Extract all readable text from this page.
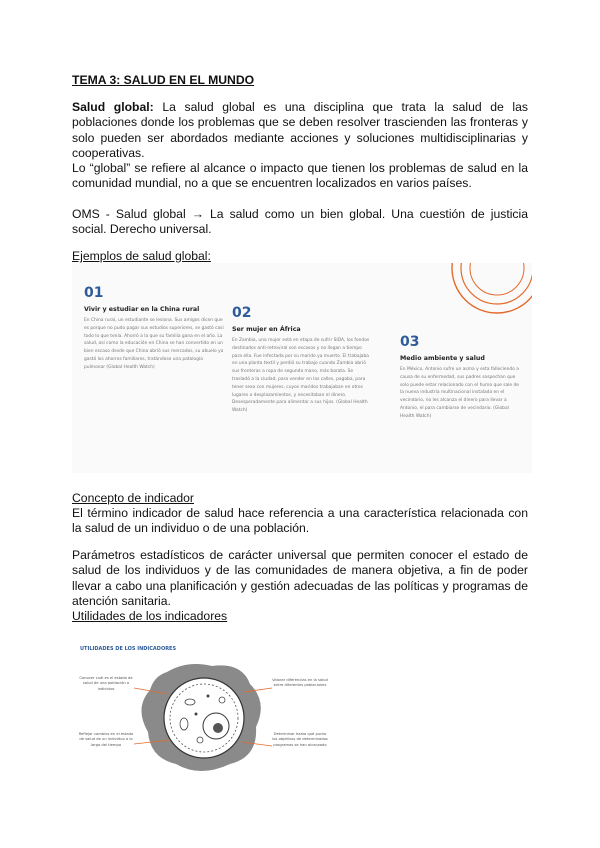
TEMA 3: SALUD EN EL MUNDO
Salud global: La salud global es una disciplina que trata la salud de las poblaciones donde los problemas que se deben resolver trascienden las fronteras y solo pueden ser abordados mediante acciones y soluciones multidisciplinarias y cooperativas.
Lo “global” se refiere al alcance o impacto que tienen los problemas de salud en la comunidad mundial, no a que se encuentren localizados en varios países.
OMS - Salud global → La salud como un bien global. Una cuestión de justicia social. Derecho universal.
Ejemplos de salud global:
01
Vivir y estudiar en la China rural
En China rural, un estudiante se lesiona. Sus amigos dicen que es porque no pudo pagar sus estudios superiores, se gastó casi todo lo que tenía. Ahorró a la que su familia gana en el año. La salud, así como la educación en China se han convertido en un bien escaso desde que China abrió sus mercados, su abuelo ya gastó los ahorros familiares, tratándose una patología pulmonar (Global Health Watch)
02
Ser mujer en África
En Zambia, una mujer está en etapa de sufrir SIDA, los fondos destinados anti-retroviral son escasos y no llegan a tiempo para ella. Fue infectada por su marido ya muerto. El trabajaba en una planta textil y perdió su trabajo cuando Zambia abrió sus fronteras a ropa de segunda mano, más barata. Se trasladó a la ciudad, para vender en las calles, pagaba, para tener sexo con mujeres, cuyos maridos trabajaban en otros lugares o desplazamientos, y necesitaban el dinero. Desesperadamente para alimentar a sus hijos. (Global Health Watch)
03
Medio ambiente y salud
En México, Antonio sufre un asma y esta falleciendo a causa de su enfermedad, sus padres sospechan que solo puede estar relacionado con el humo que sale de la nueva industria multinacional instalada en el vecindario, no les alcanza el dinero para llevar a Antonio, el para cambiarse de vecindario. (Global Health Watch)
Concepto de indicador
El término indicador de salud hace referencia a una característica relacionada con la salud de un individuo o de una población.
Parámetros estadísticos de carácter universal que permiten conocer el estado de salud de los individuos y de las comunidades de manera objetiva, a fin de poder llevar a cabo una planificación y gestión adecuadas de las políticas y programas de atención sanitaria.
Utilidades de los indicadores
UTILIDADES DE LOS INDICADORES
Conocer cuál es el estado de salud de una población o individuo
Reflejar cambios en el estado de salud de un individuo a lo largo del tiempo
Valorar diferencias en la salud entre diferentes poblaciones
Determinar hasta qué punto los objetivos de determinados programas se han alcanzado
